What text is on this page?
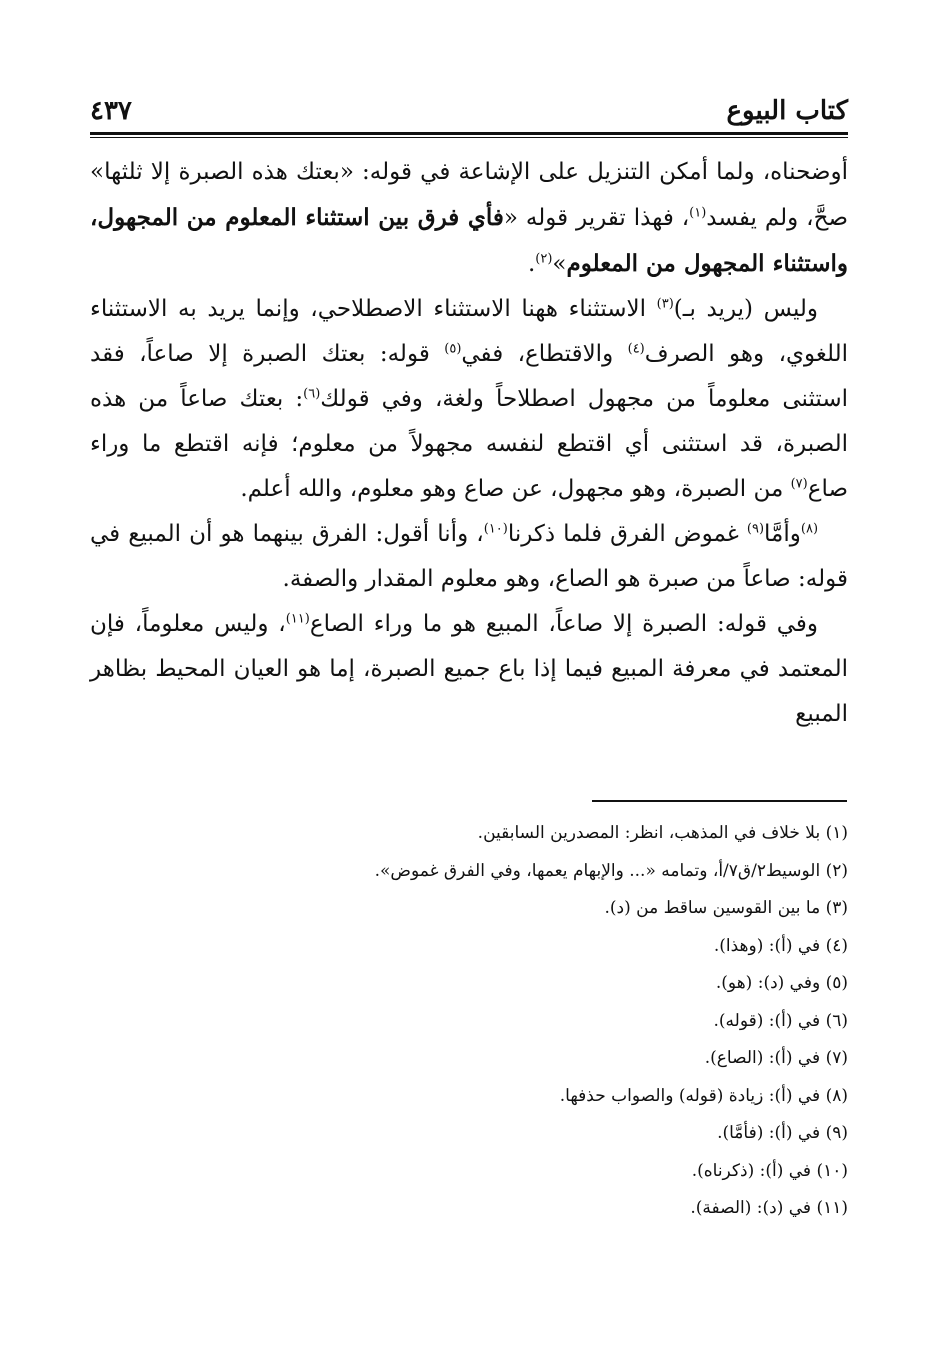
كتاب البيوع
٤٣٧

أوضحناه، ولما أمكن التنزيل على الإشاعة في قوله: «بعتك هذه الصبرة إلا ثلثها» صحَّ، ولم يفسد$^{(١)}$، فهذا تقرير قوله «فأي فرق بين استثناء المعلوم من المجهول، واستثناء المجهول من المعلوم»$^{(٢)}$.

وليس (يريد بـ)$^{(٣)}$ الاستثناء ههنا الاستثناء الاصطلاحي، وإنما يريد به الاستثناء اللغوي، وهو الصرف$^{(٤)}$ والاقتطاع، ففي$^{(٥)}$ قوله: بعتك الصبرة إلا صاعاً، فقد استثنى معلوماً من مجهول اصطلاحاً ولغة، وفي قولك$^{(٦)}$: بعتك صاعاً من هذه الصبرة، قد استثنى أي اقتطع لنفسه مجهولاً من معلوم؛ فإنه اقتطع ما وراء صاع$^{(٧)}$ من الصبرة، وهو مجهول، عن صاع وهو معلوم، والله أعلم.

$^{(٨)}$وأمَّا$^{(٩)}$ غموض الفرق فلما ذكرنا$^{(١٠)}$، وأنا أقول: الفرق بينهما هو أن المبيع في قوله: صاعاً من صبرة هو الصاع، وهو معلوم المقدار والصفة.

وفي قوله: الصبرة إلا صاعاً، المبيع هو ما وراء الصاع$^{(١١)}$، وليس معلوماً، فإن المعتمد في معرفة المبيع فيما إذا باع جميع الصبرة، إما هو العيان المحيط بظاهر المبيع

(١) بلا خلاف في المذهب، انظر: المصدرين السابقين.

(٢) الوسيط٢/ق٧/أ، وتمامه «... والإبهام يعمها، وفي الفرق غموض».

(٣) ما بين القوسين ساقط من (د).

(٤) في (أ): (وهذا).

(٥) وفي (د): (هو).

(٦) في (أ): (قوله).

(٧) في (أ): (الصاع).

(٨) في (أ): زيادة (قوله) والصواب حذفها.

(٩) في (أ): (فأمَّا).

(١٠) في (أ): (ذكرناه).

(١١) في (د): (الصفة).
